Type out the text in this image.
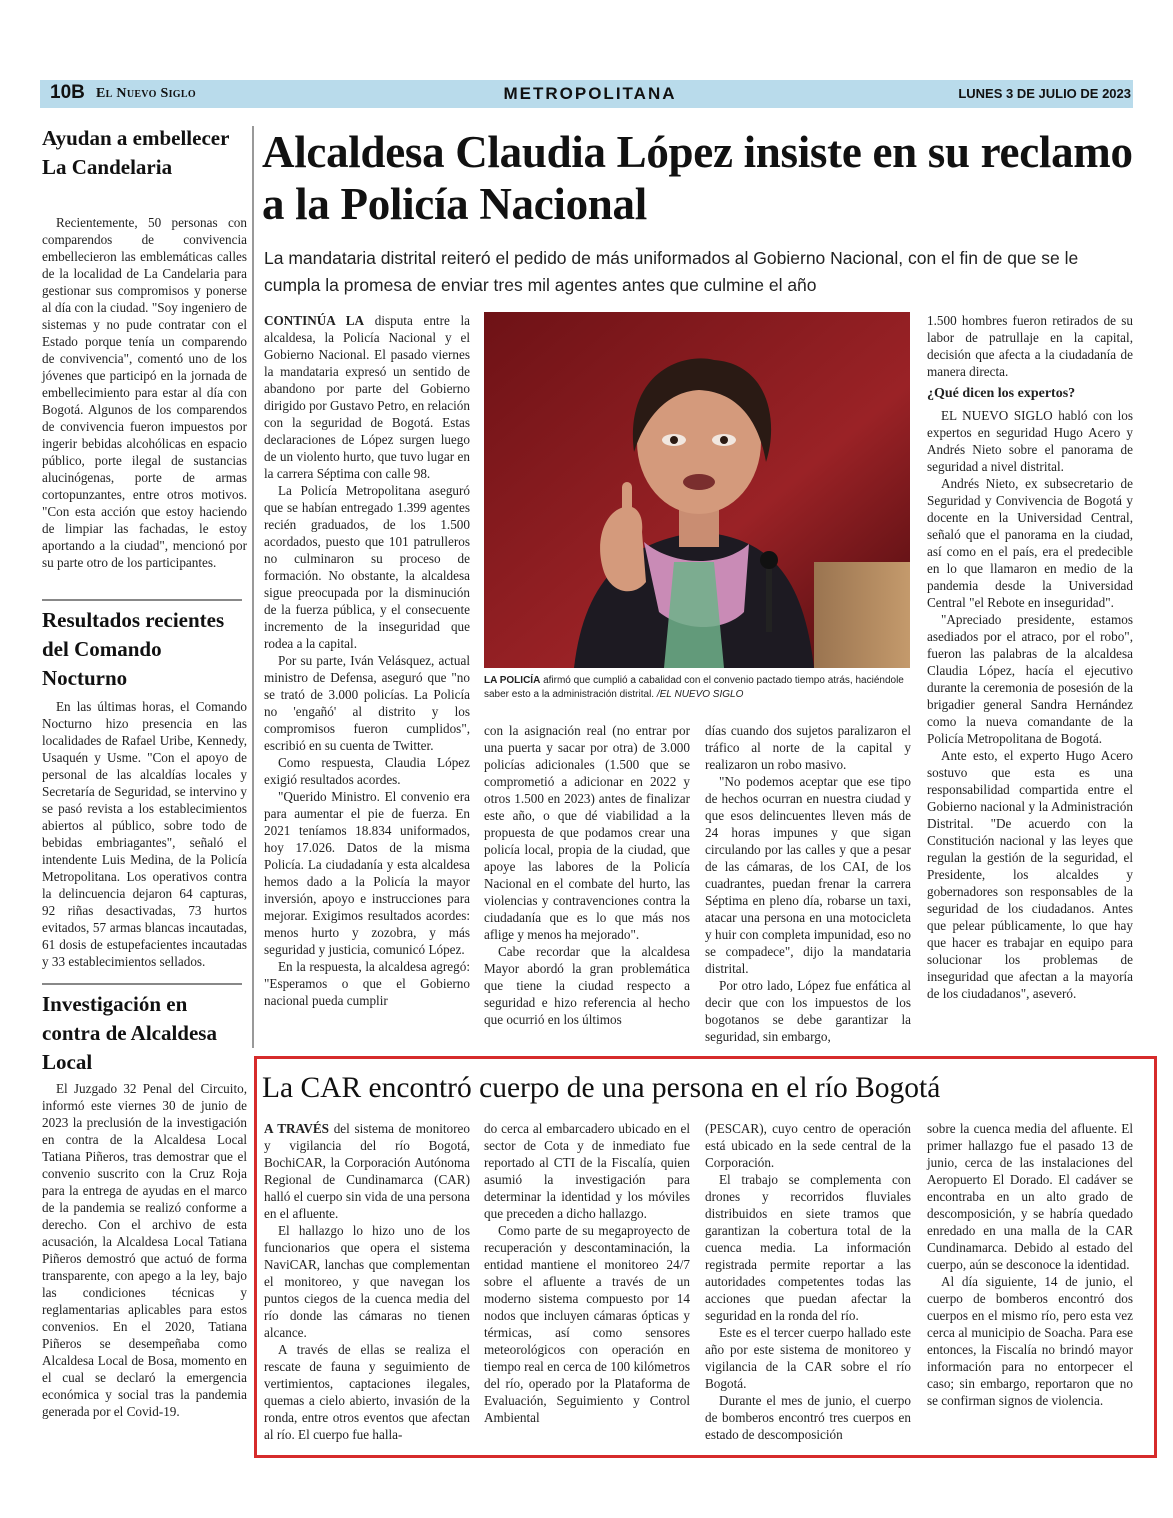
10B El Nuevo Siglo	METROPOLITANA	LUNES 3 DE JULIO DE 2023
Ayudan a embellecer La Candelaria
Recientemente, 50 personas con comparendos de convivencia embellecieron las emblemáticas calles de la localidad de La Candelaria para gestionar sus compromisos y ponerse al día con la ciudad. "Soy ingeniero de sistemas y no pude contratar con el Estado porque tenía un comparendo de convivencia", comentó uno de los jóvenes que participó en la jornada de embellecimiento para estar al día con Bogotá. Algunos de los comparendos de convivencia fueron impuestos por ingerir bebidas alcohólicas en espacio público, porte ilegal de sustancias alucinógenas, porte de armas cortopunzantes, entre otros motivos. "Con esta acción que estoy haciendo de limpiar las fachadas, le estoy aportando a la ciudad", mencionó por su parte otro de los participantes.
Resultados recientes del Comando Nocturno
En las últimas horas, el Comando Nocturno hizo presencia en las localidades de Rafael Uribe, Kennedy, Usaquén y Usme. "Con el apoyo de personal de las alcaldías locales y Secretaría de Seguridad, se intervino y se pasó revista a los establecimientos abiertos al público, sobre todo de bebidas embriagantes", señaló el intendente Luis Medina, de la Policía Metropolitana. Los operativos contra la delincuencia dejaron 64 capturas, 92 riñas desactivadas, 73 hurtos evitados, 57 armas blancas incautadas, 61 dosis de estupefacientes incautadas y 33 establecimientos sellados.
Investigación en contra de Alcaldesa Local
El Juzgado 32 Penal del Circuito, informó este viernes 30 de junio de 2023 la preclusión de la investigación en contra de la Alcaldesa Local Tatiana Piñeros, tras demostrar que el convenio suscrito con la Cruz Roja para la entrega de ayudas en el marco de la pandemia se realizó conforme a derecho. Con el archivo de esta acusación, la Alcaldesa Local Tatiana Piñeros demostró que actuó de forma transparente, con apego a la ley, bajo las condiciones técnicas y reglamentarias aplicables para estos convenios. En el 2020, Tatiana Piñeros se desempeñaba como Alcaldesa Local de Bosa, momento en el cual se declaró la emergencia económica y social tras la pandemia generada por el Covid-19.
Alcaldesa Claudia López insiste en su reclamo a la Policía Nacional
La mandataria distrital reiteró el pedido de más uniformados al Gobierno Nacional, con el fin de que se le cumpla la promesa de enviar tres mil agentes antes que culmine el año

CONTINÚA LA disputa entre la alcaldesa, la Policía Nacional y el Gobierno Nacional. El pasado viernes la mandataria expresó un sentido de abandono por parte del Gobierno dirigido por Gustavo Petro, en relación con la seguridad de Bogotá. Estas declaraciones de López surgen luego de un violento hurto, que tuvo lugar en la carrera Séptima con calle 98.

La Policía Metropolitana aseguró que se habían entregado 1.399 agentes recién graduados, de los 1.500 acordados, puesto que 101 patrulleros no culminaron su proceso de formación. No obstante, la alcaldesa sigue preocupada por la disminución de la fuerza pública, y el consecuente incremento de la inseguridad que rodea a la capital.

Por su parte, Iván Velásquez, actual ministro de Defensa, aseguró que "no se trató de 3.000 policías. La Policía no 'engañó' al distrito y los compromisos fueron cumplidos", escribió en su cuenta de Twitter.

Como respuesta, Claudia López exigió resultados acordes.

"Querido Ministro. El convenio era para aumentar el pie de fuerza. En 2021 teníamos 18.834 uniformados, hoy 17.026. Datos de la misma Policía. La ciudadanía y esta alcaldesa hemos dado a la Policía la mayor inversión, apoyo e instrucciones para mejorar. Exigimos resultados acordes: menos hurto y zozobra, y más seguridad y justicia, comunicó López.

En la respuesta, la alcaldesa agregó: "Esperamos o que el Gobierno nacional pueda cumplir

LA POLICÍA afirmó que cumplió a cabalidad con el convenio pactado tiempo atrás, haciéndole saber esto a la administración distrital. /EL NUEVO SIGLO

con la asignación real (no entrar por una puerta y sacar por otra) de 3.000 policías adicionales (1.500 que se comprometió a adicionar en 2022 y otros 1.500 en 2023) antes de finalizar este año, o que dé viabilidad a la propuesta de que podamos crear una policía local, propia de la ciudad, que apoye las labores de la Policía Nacional en el combate del hurto, las violencias y contravenciones contra la ciudadanía que es lo que más nos aflige y menos ha mejorado".

Cabe recordar que la alcaldesa Mayor abordó la gran problemática que tiene la ciudad respecto a seguridad e hizo referencia al hecho que ocurrió en los últimos

días cuando dos sujetos paralizaron el tráfico al norte de la capital y realizaron un robo masivo.

"No podemos aceptar que ese tipo de hechos ocurran en nuestra ciudad y que esos delincuentes lleven más de 24 horas impunes y que sigan circulando por las calles y que a pesar de las cámaras, de los CAI, de los cuadrantes, puedan frenar la carrera Séptima en pleno día, robarse un taxi, atacar una persona en una motocicleta y huir con completa impunidad, eso no se compadece", dijo la mandataria distrital.

Por otro lado, López fue enfática al decir que con los impuestos de los bogotanos se debe garantizar la seguridad, sin embargo,

1.500 hombres fueron retirados de su labor de patrullaje en la capital, decisión que afecta a la ciudadanía de manera directa.

¿Qué dicen los expertos?

EL NUEVO SIGLO habló con los expertos en seguridad Hugo Acero y Andrés Nieto sobre el panorama de seguridad a nivel distrital.

Andrés Nieto, ex subsecretario de Seguridad y Convivencia de Bogotá y docente en la Universidad Central, señaló que el panorama en la ciudad, así como en el país, era el predecible en lo que llamaron en medio de la pandemia desde la Universidad Central "el Rebote en inseguridad".

"Apreciado presidente, estamos asediados por el atraco, por el robo", fueron las palabras de la alcaldesa Claudia López, hacía el ejecutivo durante la ceremonia de posesión de la brigadier general Sandra Hernández como la nueva comandante de la Policía Metropolitana de Bogotá.

Ante esto, el experto Hugo Acero sostuvo que esta es una responsabilidad compartida entre el Gobierno nacional y la Administración Distrital. "De acuerdo con la Constitución nacional y las leyes que regulan la gestión de la seguridad, el Presidente, los alcaldes y gobernadores son responsables de la seguridad de los ciudadanos. Antes que pelear públicamente, lo que hay que hacer es trabajar en equipo para solucionar los problemas de inseguridad que afectan a la mayoría de los ciudadanos", aseveró.

La CAR encontró cuerpo de una persona en el río Bogotá

A TRAVÉS del sistema de monitoreo y vigilancia del río Bogotá, BochiCAR, la Corporación Autónoma Regional de Cundinamarca (CAR) halló el cuerpo sin vida de una persona en el afluente.

El hallazgo lo hizo uno de los funcionarios que opera el sistema NaviCAR, lanchas que complementan el monitoreo, y que navegan los puntos ciegos de la cuenca media del río donde las cámaras no tienen alcance.

A través de ellas se realiza el rescate de fauna y seguimiento de vertimientos, captaciones ilegales, quemas a cielo abierto, invasión de la ronda, entre otros eventos que afectan al río. El cuerpo fue halla-

do cerca al embarcadero ubicado en el sector de Cota y de inmediato fue reportado al CTI de la Fiscalía, quien asumió la investigación para determinar la identidad y los móviles que preceden a dicho hallazgo.

Como parte de su megaproyecto de recuperación y descontaminación, la entidad mantiene el monitoreo 24/7 sobre el afluente a través de un moderno sistema compuesto por 14 nodos que incluyen cámaras ópticas y térmicas, así como sensores meteorológicos con operación en tiempo real en cerca de 100 kilómetros del río, operado por la Plataforma de Evaluación, Seguimiento y Control Ambiental

(PESCAR), cuyo centro de operación está ubicado en la sede central de la Corporación.

El trabajo se complementa con drones y recorridos fluviales distribuidos en siete tramos que garantizan la cobertura total de la cuenca media. La información registrada permite reportar a las autoridades competentes todas las acciones que puedan afectar la seguridad en la ronda del río.

Este es el tercer cuerpo hallado este año por este sistema de monitoreo y vigilancia de la CAR sobre el río Bogotá.

Durante el mes de junio, el cuerpo de bomberos encontró tres cuerpos en estado de descomposición

sobre la cuenca media del afluente. El primer hallazgo fue el pasado 13 de junio, cerca de las instalaciones del Aeropuerto El Dorado. El cadáver se encontraba en un alto grado de descomposición, y se habría quedado enredado en una malla de la CAR Cundinamarca. Debido al estado del cuerpo, aún se desconoce la identidad.

Al día siguiente, 14 de junio, el cuerpo de bomberos encontró dos cuerpos en el mismo río, pero esta vez cerca al municipio de Soacha. Para ese entonces, la Fiscalía no brindó mayor información para no entorpecer el caso; sin embargo, reportaron que no se confirman signos de violencia.
